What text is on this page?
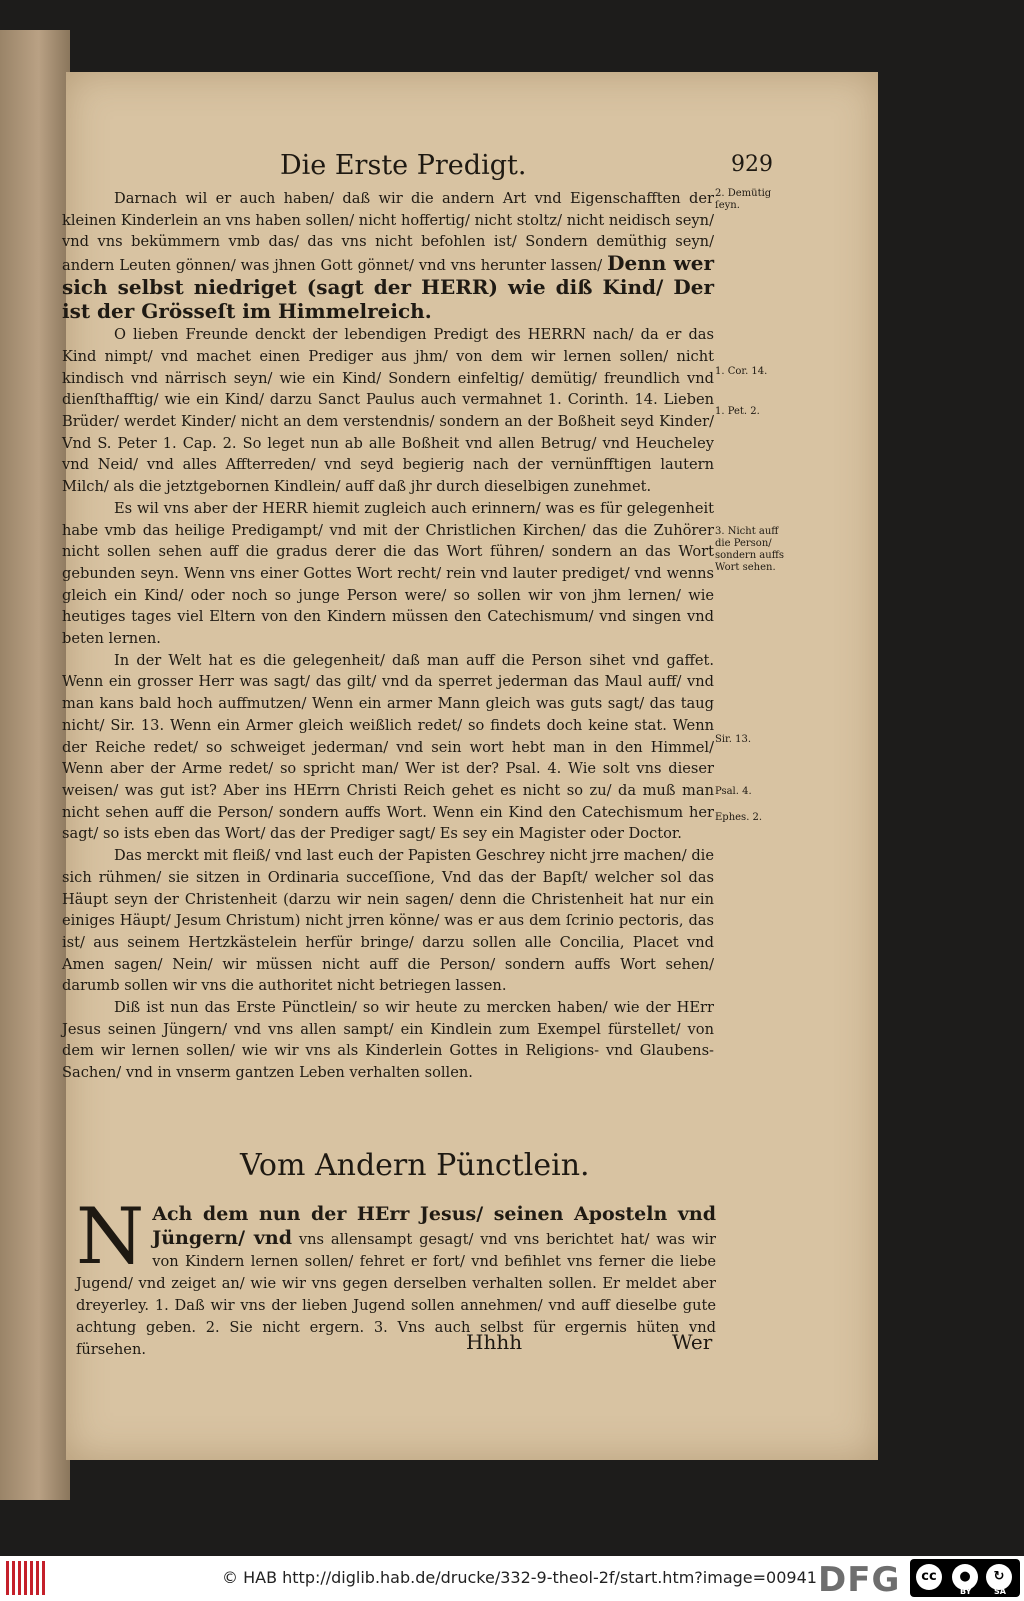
Die Erste Predigt.	929

Darnach wil er auch haben/ daß wir die andern Art vnd Eigenschafften der kleinen Kinderlein an vns haben sollen/ nicht hoffertig/ nicht stoltz/ nicht neidisch seyn/ vnd vns bekümmern vmb das/ das vns nicht befohlen ist/ Sondern demüthig seyn/ andern Leuten gönnen/ was jhnen Gott gönnet/ vnd vns herunter lassen/ Denn wer sich selbst niedriget (sagt der HERR) wie diß Kind/ Der ist der Grösseſt im Himmelreich.

O lieben Freunde denckt der lebendigen Predigt des HERRN nach/ da er das Kind nimpt/ vnd machet einen Prediger aus jhm/ von dem wir lernen sollen/ nicht kindisch vnd närrisch seyn/ wie ein Kind/ Sondern einfeltig/ demütig/ freundlich vnd dienſthafftig/ wie ein Kind/ darzu Sanct Paulus auch vermahnet 1. Corinth. 14. Lieben Brüder/ werdet Kinder/ nicht an dem verstendnis/ sondern an der Boßheit seyd Kinder/ Vnd S. Peter 1. Cap. 2. So leget nun ab alle Boßheit vnd allen Betrug/ vnd Heucheley vnd Neid/ vnd alles Affterreden/ vnd seyd begierig nach der vernünfftigen lautern Milch/ als die jetztgebornen Kindlein/ auff daß jhr durch dieselbigen zunehmet.

Es wil vns aber der HERR hiemit zugleich auch erinnern/ was es für gelegenheit habe vmb das heilige Predigampt/ vnd mit der Christlichen Kirchen/ das die Zuhörer nicht sollen sehen auff die gradus derer die das Wort führen/ sondern an das Wort gebunden seyn. Wenn vns einer Gottes Wort recht/ rein vnd lauter prediget/ vnd wenns gleich ein Kind/ oder noch so junge Person were/ so sollen wir von jhm lernen/ wie heutiges tages viel Eltern von den Kindern müssen den Catechismum/ vnd singen vnd beten lernen.

In der Welt hat es die gelegenheit/ daß man auff die Person sihet vnd gaffet. Wenn ein grosser Herr was sagt/ das gilt/ vnd da sperret jederman das Maul auff/ vnd man kans bald hoch auffmutzen/ Wenn ein armer Mann gleich was guts sagt/ das taug nicht/ Sir. 13. Wenn ein Armer gleich weißlich redet/ so findets doch keine stat. Wenn der Reiche redet/ so schweiget jederman/ vnd sein wort hebt man in den Himmel/ Wenn aber der Arme redet/ so spricht man/ Wer ist der? Psal. 4. Wie solt vns dieser weisen/ was gut ist? Aber ins HErrn Christi Reich gehet es nicht so zu/ da muß man nicht sehen auff die Person/ sondern auffs Wort. Wenn ein Kind den Catechismum her sagt/ so ists eben das Wort/ das der Prediger sagt/ Es sey ein Magister oder Doctor.

Das merckt mit fleiß/ vnd last euch der Papisten Geschrey nicht jrre machen/ die sich rühmen/ sie sitzen in Ordinaria succeſſione, Vnd das der Bapſt/ welcher sol das Häupt seyn der Christenheit (darzu wir nein sagen/ denn die Christenheit hat nur ein einiges Häupt/ Jesum Christum) nicht jrren könne/ was er aus dem ſcrinio pectoris, das ist/ aus seinem Hertzkästelein herfür bringe/ darzu sollen alle Concilia, Placet vnd Amen sagen/ Nein/ wir müssen nicht auff die Person/ sondern auffs Wort sehen/ darumb sollen wir vns die authoritet nicht betriegen lassen.

Diß ist nun das Erste Pünctlein/ so wir heute zu mercken haben/ wie der HErr Jesus seinen Jüngern/ vnd vns allen sampt/ ein Kindlein zum Exempel fürstellet/ von dem wir lernen sollen/ wie wir vns als Kinderlein Gottes in Religions- vnd Glaubens-Sachen/ vnd in vnserm gantzen Leben verhalten sollen.

2. Demütig ſeyn.
1. Cor. 14.
1. Pet. 2.
3. Nicht auff die Person/ sondern auffs Wort sehen.
Sir. 13.
Psal. 4.
Ephes. 2.
Vom Andern Pünctlein.
N Ach dem nun der HErr Jesus/ seinen Aposteln vnd Jüngern/ vnd vns allensampt gesagt/ vnd vns berichtet hat/ was wir von Kindern lernen sollen/ fehret er fort/ vnd befihlet vns ferner die liebe Jugend/ vnd zeiget an/ wie wir vns gegen derselben verhalten sollen. Er meldet aber dreyerley. 1. Daß wir vns der lieben Jugend sollen annehmen/ vnd auff dieselbe gute achtung geben. 2. Sie nicht ergern. 3. Vns auch selbst für ergernis hüten vnd fürsehen.	Hhhh	Wer
© HAB http://diglib.hab.de/drucke/332-9-theol-2f/start.htm?image=00941 DFG	cc	●	↻
BY	SA
